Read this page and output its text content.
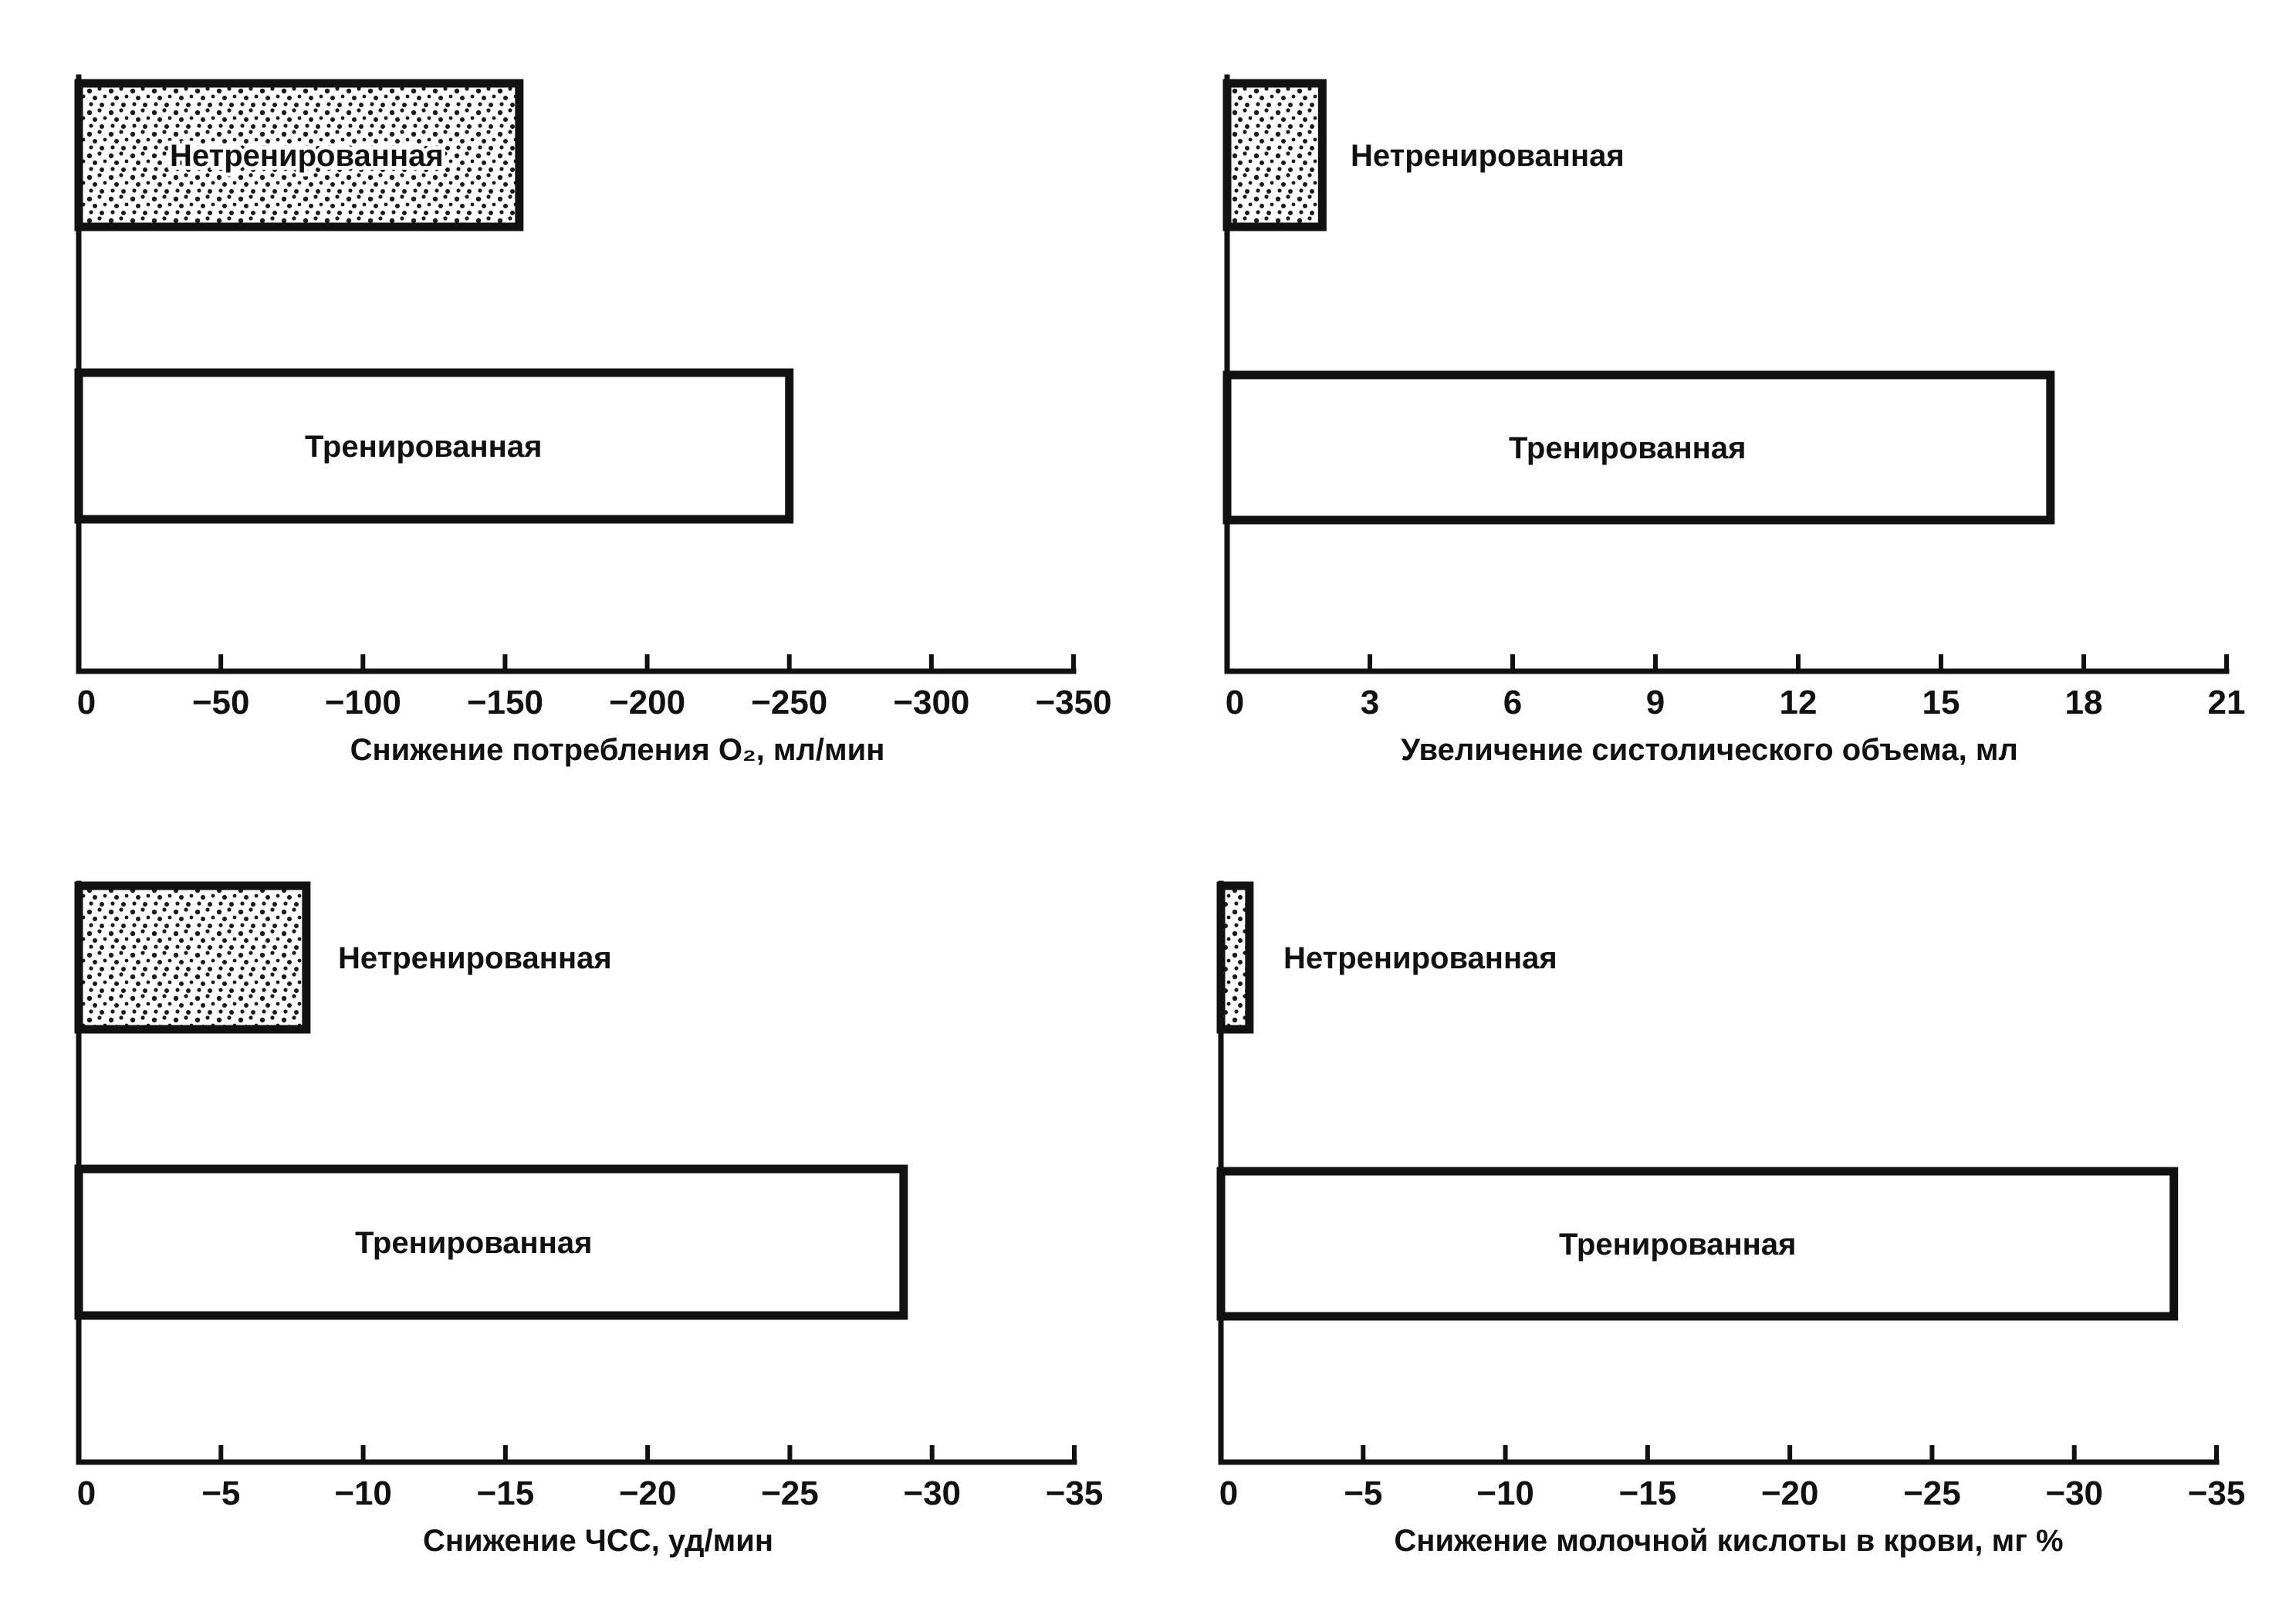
0	−50 −100 −150 −200 −250 −300 −350
Нетренированная
Тренированная
Снижение потребления O₂, мл/мин
0	3	6	9	12	15	18	21
Нетренированная
Тренированная
Увеличение систолического объема, мл
0	−5	−10 −15 −20 −25 −30 −35
Нетренированная
Тренированная
Снижение ЧСС, уд/мин
0	−5	−10 −15 −20 −25 −30 −35
Нетренированная
Тренированная
Снижение молочной кислоты в крови, мг %
